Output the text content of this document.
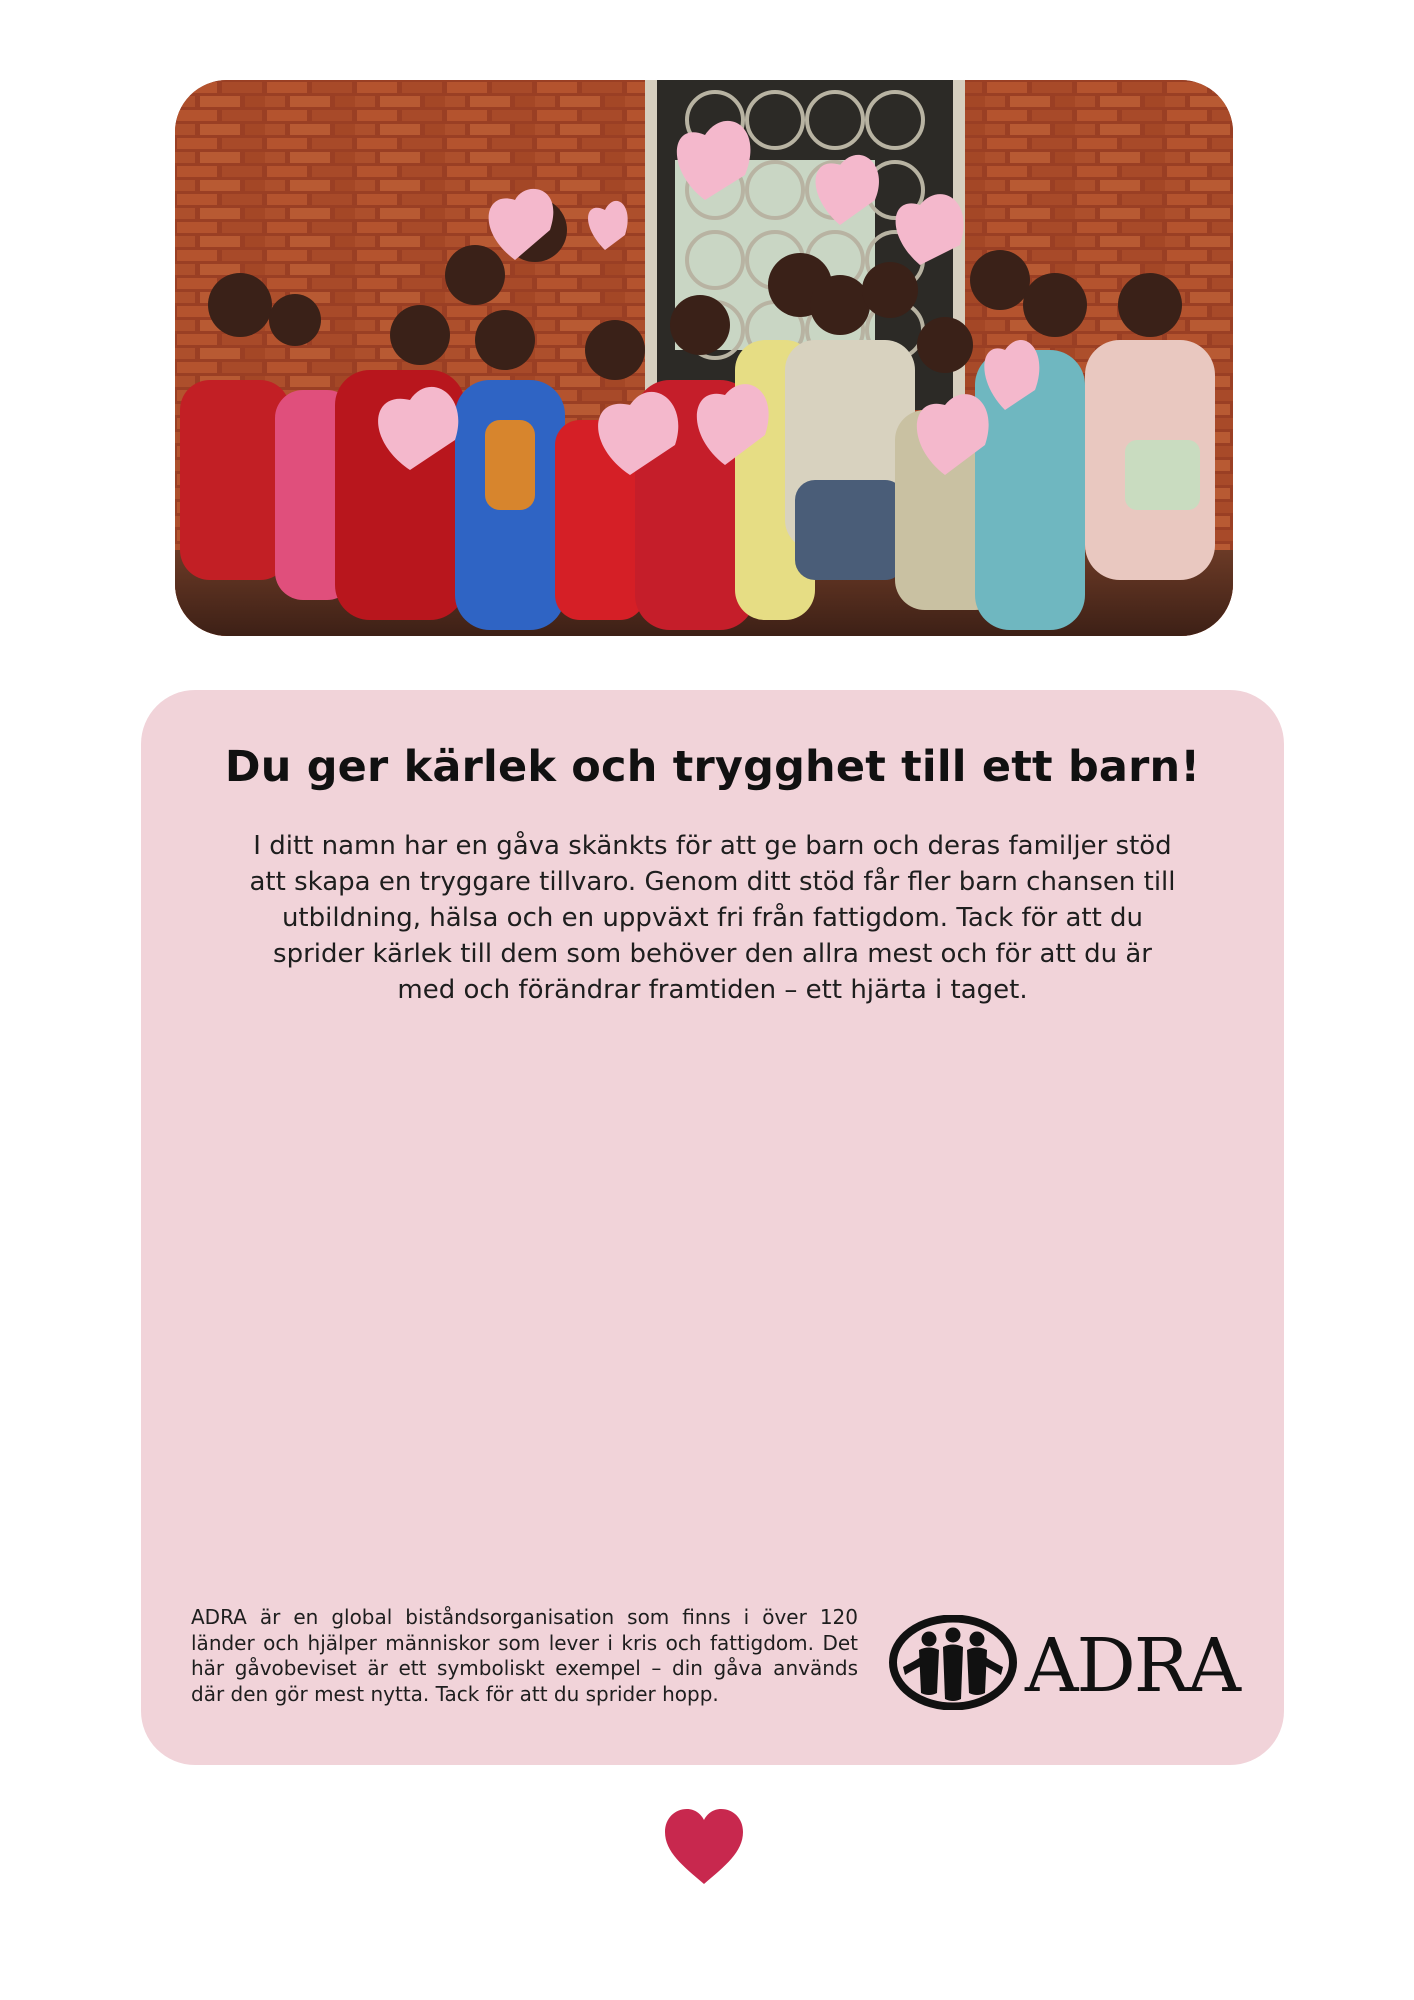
Du ger kärlek och trygghet till ett barn!
I ditt namn har en gåva skänkts för att ge barn och deras familjer stöd att skapa en tryggare tillvaro. Genom ditt stöd får fler barn chansen till utbildning, hälsa och en uppväxt fri från fattigdom. Tack för att du sprider kärlek till dem som behöver den allra mest och för att du är med och förändrar framtiden – ett hjärta i taget.
ADRA är en global biståndsorganisation som finns i över 120 länder och hjälper människor som lever i kris och fattigdom. Det här gåvobeviset är ett symboliskt exempel – din gåva används där den gör mest nytta. Tack för att du sprider hopp.	ADRA
